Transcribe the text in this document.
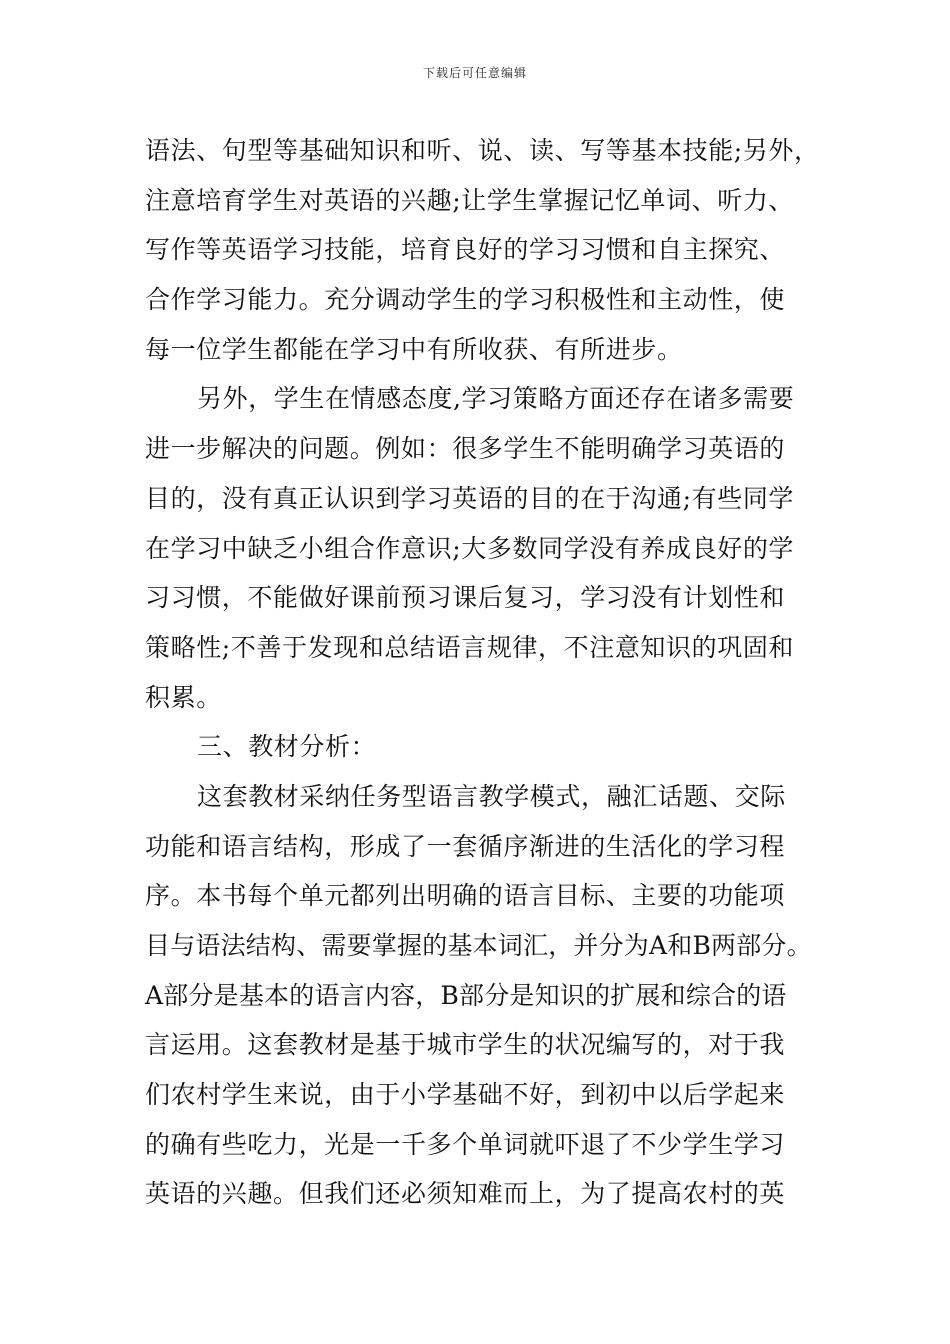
下载后可任意编辑
语法、句型等基础知识和听、说、读、写等基本技能;另外，
注意培育学生对英语的兴趣;让学生掌握记忆单词、听力、
写作等英语学习技能，培育良好的学习习惯和自主探究、
合作学习能力。充分调动学生的学习积极性和主动性，使
每一位学生都能在学习中有所收获、有所进步。
另外，学生在情感态度,学习策略方面还存在诸多需要
进一步解决的问题。例如：很多学生不能明确学习英语的
目的，没有真正认识到学习英语的目的在于沟通;有些同学
在学习中缺乏小组合作意识;大多数同学没有养成良好的学
习习惯，不能做好课前预习课后复习，学习没有计划性和
策略性;不善于发现和总结语言规律，不注意知识的巩固和
积累。
三、教材分析：
这套教材采纳任务型语言教学模式，融汇话题、交际
功能和语言结构，形成了一套循序渐进的生活化的学习程
序。本书每个单元都列出明确的语言目标、主要的功能项
目与语法结构、需要掌握的基本词汇，并分为A和B两部分。
A部分是基本的语言内容，B部分是知识的扩展和综合的语
言运用。这套教材是基于城市学生的状况编写的，对于我
们农村学生来说，由于小学基础不好，到初中以后学起来
的确有些吃力，光是一千多个单词就吓退了不少学生学习
英语的兴趣。但我们还必须知难而上，为了提高农村的英
